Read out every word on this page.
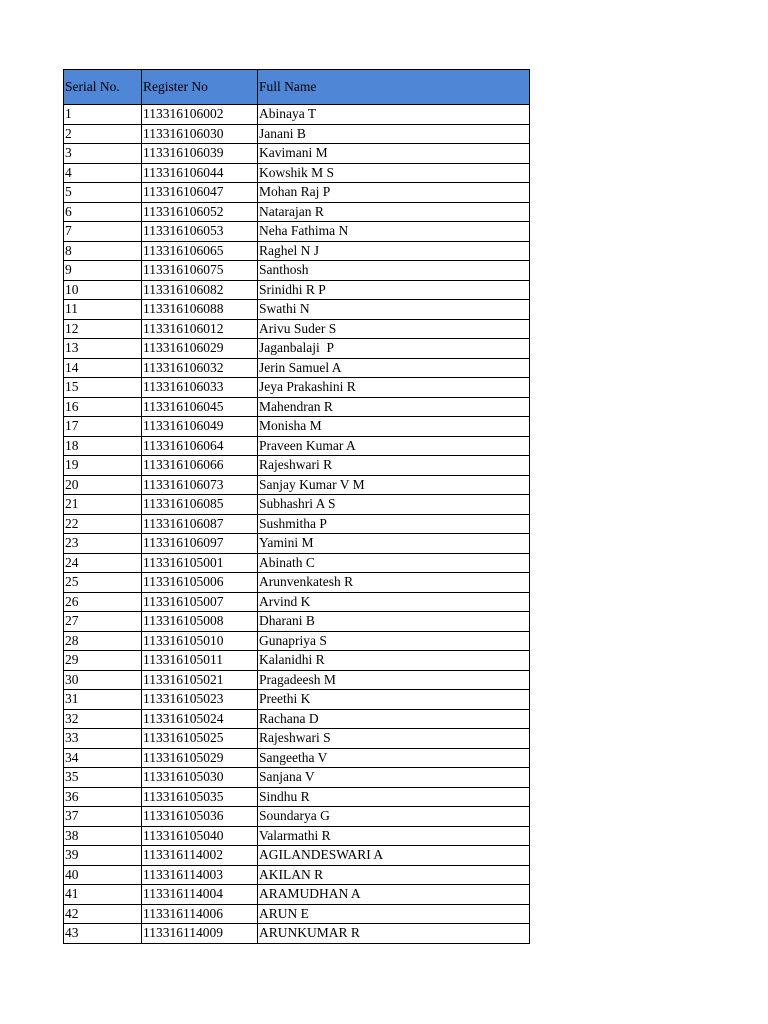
Serial No.	Register No	Full Name
1	113316106002	Abinaya T
2	113316106030	Janani B
3	113316106039	Kavimani M
4	113316106044	Kowshik M S
5	113316106047	Mohan Raj P
6	113316106052	Natarajan R
7	113316106053	Neha Fathima N
8	113316106065	Raghel N J
9	113316106075	Santhosh
10	113316106082	Srinidhi R P
11	113316106088	Swathi N
12	113316106012	Arivu Suder S
13	113316106029	Jaganbalaji  P
14	113316106032	Jerin Samuel A
15	113316106033	Jeya Prakashini R
16	113316106045	Mahendran R
17	113316106049	Monisha M
18	113316106064	Praveen Kumar A
19	113316106066	Rajeshwari R
20	113316106073	Sanjay Kumar V M
21	113316106085	Subhashri A S
22	113316106087	Sushmitha P
23	113316106097	Yamini M
24	113316105001	Abinath C
25	113316105006	Arunvenkatesh R
26	113316105007	Arvind K
27	113316105008	Dharani B
28	113316105010	Gunapriya S
29	113316105011	Kalanidhi R
30	113316105021	Pragadeesh M
31	113316105023	Preethi K
32	113316105024	Rachana D
33	113316105025	Rajeshwari S
34	113316105029	Sangeetha V
35	113316105030	Sanjana V
36	113316105035	Sindhu R
37	113316105036	Soundarya G
38	113316105040	Valarmathi R
39	113316114002	AGILANDESWARI A
40	113316114003	AKILAN R
41	113316114004	ARAMUDHAN A
42	113316114006	ARUN E
43	113316114009	ARUNKUMAR R
